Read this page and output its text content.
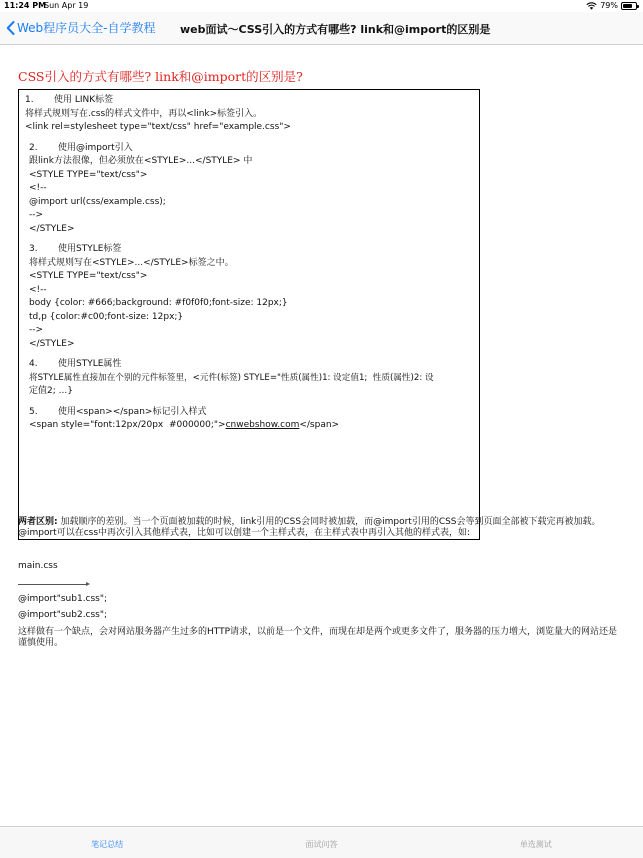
11:24 PM
Sun Apr 19	79%
Web程序员大全-自学教程	web面试～CSS引入的方式有哪些? link和@import的区别是
CSS引入的方式有哪些? link和@import的区别是?
1. 使用 LINK标签
将样式规则写在.css的样式文件中，再以<link>标签引入。
<link rel=stylesheet type="text/css" href="example.css">
2. 使用@import引入
跟link方法很像，但必须放在<STYLE>...</STYLE> 中
<STYLE TYPE="text/css">
<!--
@import url(css/example.css);
-->
</STYLE>
3. 使用STYLE标签
将样式规则写在<STYLE>...</STYLE>标签之中。
<STYLE TYPE="text/css">
<!--
body {color: #666;background: #f0f0f0;font-size: 12px;}
td,p {color:#c00;font-size: 12px;}
-->
</STYLE>
4. 使用STYLE属性
将STYLE属性直接加在个别的元件标签里，<元件(标签) STYLE="性质(属性)1: 设定值1;  性质(属性)2: 设
定值2; ...}
5. 使用<span></span>标记引入样式
<span style="font:12px/20px  #000000;">cnwebshow.com</span>
两者区别: 加载顺序的差别。当一个页面被加载的时候，link引用的CSS会同时被加载，而@import引用的CSS会等到页面全部被下载完再被加载。@import可以在css中再次引入其他样式表，比如可以创建一个主样式表，在主样式表中再引入其他的样式表，如:
main.css
@import"sub1.css";
@import"sub2.css";
这样做有一个缺点，会对网站服务器产生过多的HTTP请求，以前是一个文件，而现在却是两个或更多文件了，服务器的压力增大，浏览量大的网站还是谨慎使用。
笔记总结	面试问答	单选测试
